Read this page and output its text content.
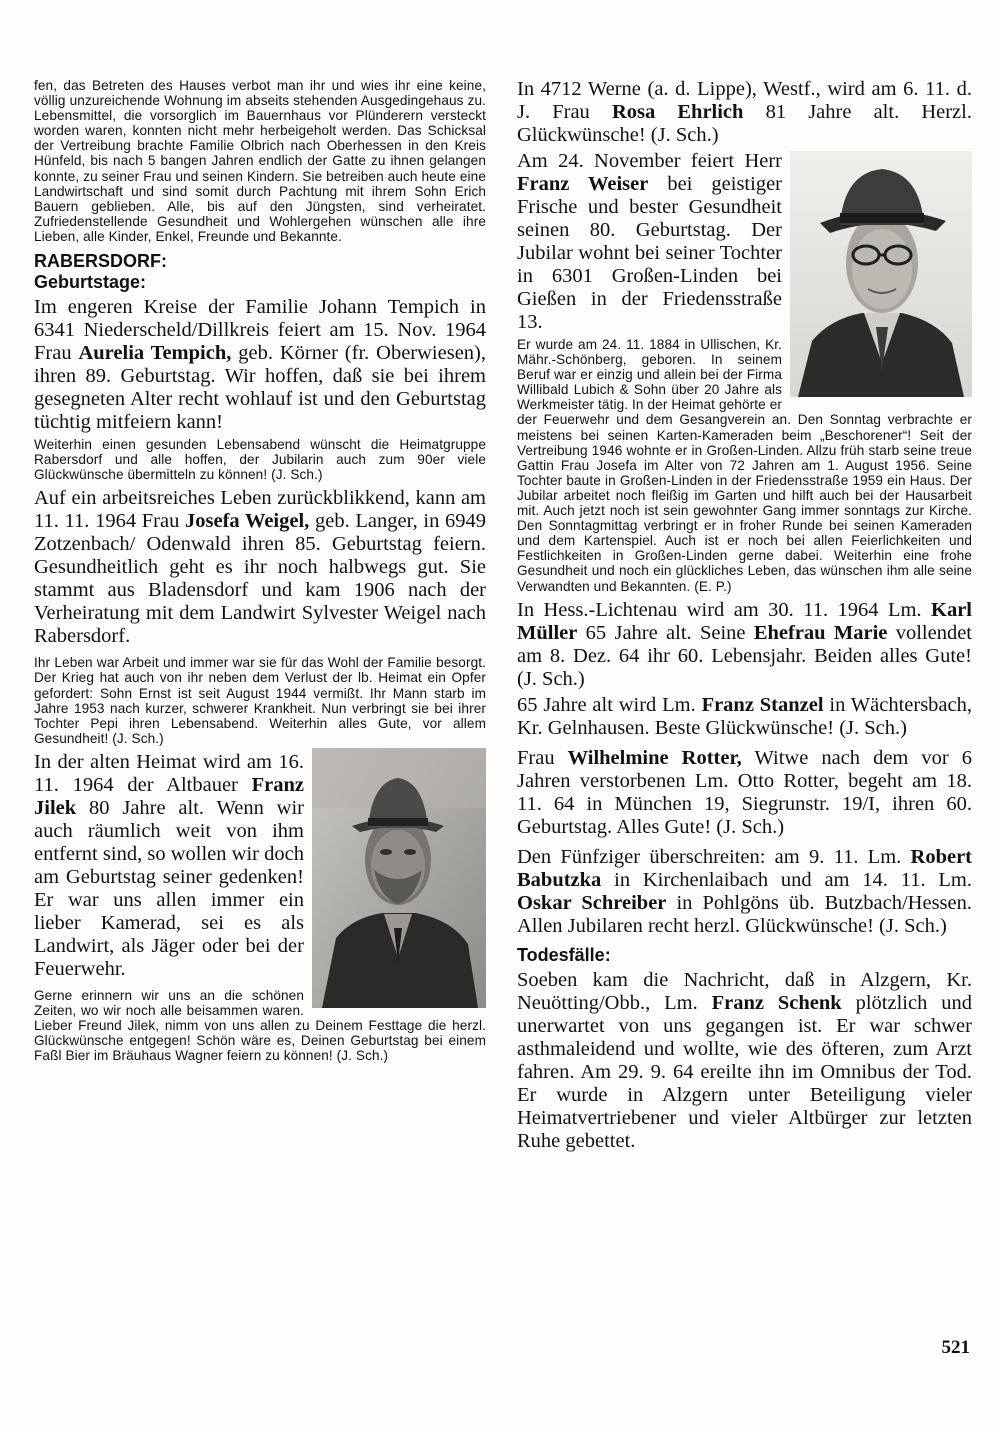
fen, das Betreten des Hauses verbot man ihr und wies ihr eine keine, völlig unzureichende Wohnung im abseits stehenden Ausgedingehaus zu. Lebensmittel, die vorsorglich im Bauernhaus vor Plünderern versteckt worden waren, konnten nicht mehr herbeigeholt werden. Das Schicksal der Vertreibung brachte Familie Olbrich nach Oberhessen in den Kreis Hünfeld, bis nach 5 bangen Jahren endlich der Gatte zu ihnen gelangen konnte, zu seiner Frau und seinen Kindern. Sie betreiben auch heute eine Landwirtschaft und sind somit durch Pachtung mit ihrem Sohn Erich Bauern geblieben. Alle, bis auf den Jüngsten, sind verheiratet. Zufriedenstellende Gesundheit und Wohlergehen wünschen alle ihre Lieben, alle Kinder, Enkel, Freunde und Bekannte.

RABERSDORF:
Geburtstage:

Im engeren Kreise der Familie Johann Tempich in 6341 Niederscheld/Dillkreis feiert am 15. Nov. 1964 Frau Aurelia Tempich, geb. Körner (fr. Oberwiesen), ihren 89. Geburtstag. Wir hoffen, daß sie bei ihrem gesegneten Alter recht wohlauf ist und den Geburtstag tüchtig mitfeiern kann!

Weiterhin einen gesunden Lebensabend wünscht die Heimatgruppe Rabersdorf und alle hoffen, der Jubilarin auch zum 90er viele Glückwünsche übermitteln zu können! (J. Sch.)

Auf ein arbeitsreiches Leben zurückblikkend, kann am 11. 11. 1964 Frau Josefa Weigel, geb. Langer, in 6949 Zotzenbach/ Odenwald ihren 85. Geburtstag feiern. Gesundheitlich geht es ihr noch halbwegs gut. Sie stammt aus Bladensdorf und kam 1906 nach der Verheiratung mit dem Landwirt Sylvester Weigel nach Rabersdorf.

Ihr Leben war Arbeit und immer war sie für das Wohl der Familie besorgt. Der Krieg hat auch von ihr neben dem Verlust der lb. Heimat ein Opfer gefordert: Sohn Ernst ist seit August 1944 vermißt. Ihr Mann starb im Jahre 1953 nach kurzer, schwerer Krankheit. Nun verbringt sie bei ihrer Tochter Pepi ihren Lebensabend. Weiterhin alles Gute, vor allem Gesundheit! (J. Sch.)

In der alten Heimat wird am 16. 11. 1964 der Altbauer Franz Jilek 80 Jahre alt. Wenn wir auch räumlich weit von ihm entfernt sind, so wollen wir doch am Geburtstag seiner gedenken! Er war uns allen immer ein lieber Kamerad, sei es als Landwirt, als Jäger oder bei der Feuerwehr.

Gerne erinnern wir uns an die schönen Zeiten, wo wir noch alle beisammen waren. Lieber Freund Jilek, nimm von uns allen zu Deinem Festtage die herzl. Glückwünsche entgegen! Schön wäre es, Deinen Geburtstag bei einem Faßl Bier im Bräuhaus Wagner feiern zu können! (J. Sch.)

In 4712 Werne (a. d. Lippe), Westf., wird am 6. 11. d. J. Frau Rosa Ehrlich 81 Jahre alt. Herzl. Glückwünsche! (J. Sch.)

Am 24. November feiert Herr Franz Weiser bei geistiger Frische und bester Gesundheit seinen 80. Geburtstag. Der Jubilar wohnt bei seiner Tochter in 6301 Großen-Linden bei Gießen in der Friedensstraße 13.

Er wurde am 24. 11. 1884 in Ullischen, Kr. Mähr.-Schönberg, geboren. In seinem Beruf war er einzig und allein bei der Firma Willibald Lubich & Sohn über 20 Jahre als Werkmeister tätig. In der Heimat gehörte er der Feuerwehr und dem Gesangverein an. Den Sonntag verbrachte er meistens bei seinen Karten-Kameraden beim „Beschorener“! Seit der Vertreibung 1946 wohnte er in Großen-Linden. Allzu früh starb seine treue Gattin Frau Josefa im Alter von 72 Jahren am 1. August 1956. Seine Tochter baute in Großen-Linden in der Friedensstraße 1959 ein Haus. Der Jubilar arbeitet noch fleißig im Garten und hilft auch bei der Hausarbeit mit. Auch jetzt noch ist sein gewohnter Gang immer sonntags zur Kirche. Den Sonntagmittag verbringt er in froher Runde bei seinen Kameraden und dem Kartenspiel. Auch ist er noch bei allen Feierlichkeiten und Festlichkeiten in Großen-Linden gerne dabei. Weiterhin eine frohe Gesundheit und noch ein glückliches Leben, das wünschen ihm alle seine Verwandten und Bekannten. (E. P.)

In Hess.-Lichtenau wird am 30. 11. 1964 Lm. Karl Müller 65 Jahre alt. Seine Ehefrau Marie vollendet am 8. Dez. 64 ihr 60. Lebensjahr. Beiden alles Gute! (J. Sch.)

65 Jahre alt wird Lm. Franz Stanzel in Wächtersbach, Kr. Gelnhausen. Beste Glückwünsche! (J. Sch.)

Frau Wilhelmine Rotter, Witwe nach dem vor 6 Jahren verstorbenen Lm. Otto Rotter, begeht am 18. 11. 64 in München 19, Siegrunstr. 19/I, ihren 60. Geburtstag. Alles Gute! (J. Sch.)

Den Fünfziger überschreiten: am 9. 11. Lm. Robert Babutzka in Kirchenlaibach und am 14. 11. Lm. Oskar Schreiber in Pohlgöns üb. Butzbach/Hessen. Allen Jubilaren recht herzl. Glückwünsche! (J. Sch.)

Todesfälle:

Soeben kam die Nachricht, daß in Alzgern, Kr. Neuötting/Obb., Lm. Franz Schenk plötzlich und unerwartet von uns gegangen ist. Er war schwer asthmaleidend und wollte, wie des öfteren, zum Arzt fahren. Am 29. 9. 64 ereilte ihn im Omnibus der Tod. Er wurde in Alzgern unter Beteiligung vieler Heimatvertriebener und vieler Altbürger zur letzten Ruhe gebettet.

521
